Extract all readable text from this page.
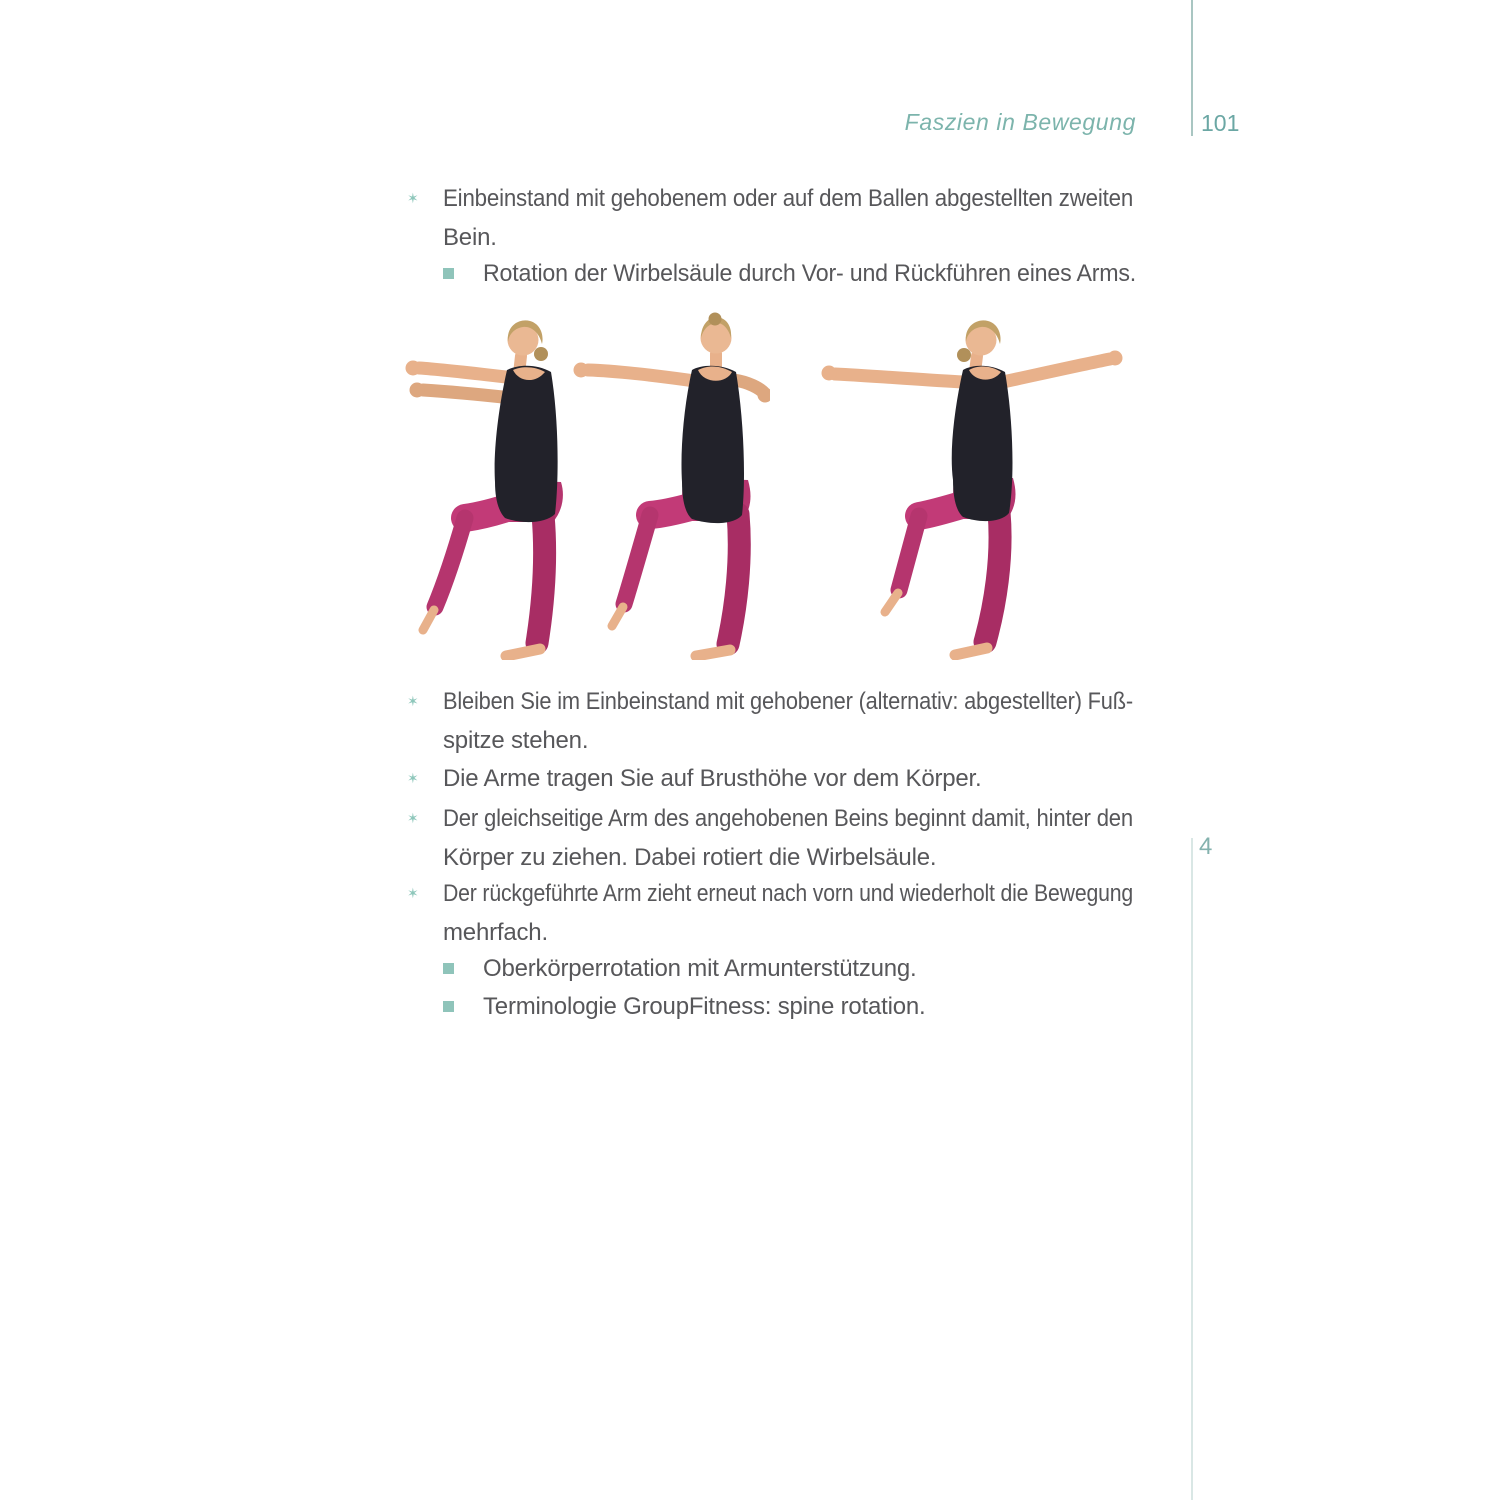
Faszien in Bewegung	101
✶	Einbeinstand mit gehobenem oder auf dem Ballen abgestellten zweiten
Bein.
Rotation der Wirbelsäule durch Vor- und Rückführen eines Arms.
✶	Bleiben Sie im Einbeinstand mit gehobener (alternativ: abgestellter) Fuß-
spitze stehen.
✶	Die Arme tragen Sie auf Brusthöhe vor dem Körper.
✶	Der gleichseitige Arm des angehobenen Beins beginnt damit, hinter den
Körper zu ziehen. Dabei rotiert die Wirbelsäule.
✶	Der rückgeführte Arm zieht erneut nach vorn und wiederholt die Bewegung
mehrfach.
Oberkörperrotation mit Armunterstützung.
Terminologie GroupFitness: spine rotation.
4
